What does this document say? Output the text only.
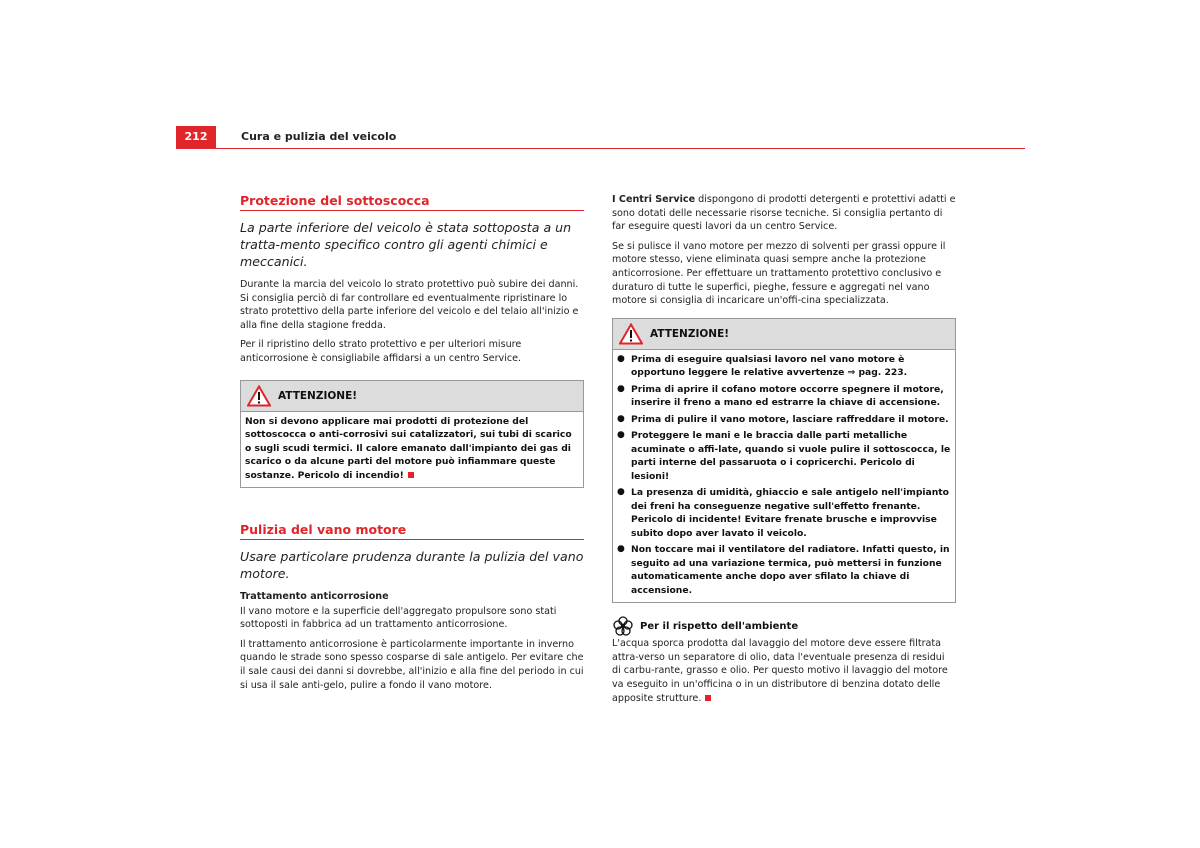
212	Cura e pulizia del veicolo
Protezione del sottoscocca
La parte inferiore del veicolo è stata sottoposta a un tratta-mento specifico contro gli agenti chimici e meccanici.

Durante la marcia del veicolo lo strato protettivo può subire dei danni. Si consiglia perciò di far controllare ed eventualmente ripristinare lo strato protettivo della parte inferiore del veicolo e del telaio all'inizio e alla fine della stagione fredda.

Per il ripristino dello strato protettivo e per ulteriori misure anticorrosione è consigliabile affidarsi a un centro Service.

ATTENZIONE!

Non si devono applicare mai prodotti di protezione del sottoscocca o anti-corrosivi sui catalizzatori, sui tubi di scarico o sugli scudi termici. Il calore emanato dall'impianto dei gas di scarico o da alcune parti del motore può infiammare queste sostanze. Pericolo di incendio!

Pulizia del vano motore
Usare particolare prudenza durante la pulizia del vano motore.

Trattamento anticorrosione

Il vano motore e la superficie dell'aggregato propulsore sono stati sottoposti in fabbrica ad un trattamento anticorrosione.

Il trattamento anticorrosione è particolarmente importante in inverno quando le strade sono spesso cosparse di sale antigelo. Per evitare che il sale causi dei danni si dovrebbe, all'inizio e alla fine del periodo in cui si usa il sale anti-gelo, pulire a fondo il vano motore.

I Centri Service dispongono di prodotti detergenti e protettivi adatti e sono dotati delle necessarie risorse tecniche. Si consiglia pertanto di far eseguire questi lavori da un centro Service.

Se si pulisce il vano motore per mezzo di solventi per grassi oppure il motore stesso, viene eliminata quasi sempre anche la protezione anticorrosione. Per effettuare un trattamento protettivo conclusivo e duraturo di tutte le superfici, pieghe, fessure e aggregati nel vano motore si consiglia di incaricare un'offi-cina specializzata.

ATTENZIONE!

● Prima di eseguire qualsiasi lavoro nel vano motore è opportuno leggere le relative avvertenze ⇒ pag. 223.

● Prima di aprire il cofano motore occorre spegnere il motore, inserire il freno a mano ed estrarre la chiave di accensione.

● Prima di pulire il vano motore, lasciare raffreddare il motore.

● Proteggere le mani e le braccia dalle parti metalliche acuminate o affi-late, quando si vuole pulire il sottoscocca, le parti interne del passaruota o i copricerchi. Pericolo di lesioni!

● La presenza di umidità, ghiaccio e sale antigelo nell'impianto dei freni ha conseguenze negative sull'effetto frenante. Pericolo di incidente! Evitare frenate brusche e improvvise subito dopo aver lavato il veicolo.

● Non toccare mai il ventilatore del radiatore. Infatti questo, in seguito ad una variazione termica, può mettersi in funzione automaticamente anche dopo aver sfilato la chiave di accensione.

Per il rispetto dell'ambiente

L'acqua sporca prodotta dal lavaggio del motore deve essere filtrata attra-verso un separatore di olio, data l'eventuale presenza di residui di carbu-rante, grasso e olio. Per questo motivo il lavaggio del motore va eseguito in un'officina o in un distributore di benzina dotato delle apposite strutture.
